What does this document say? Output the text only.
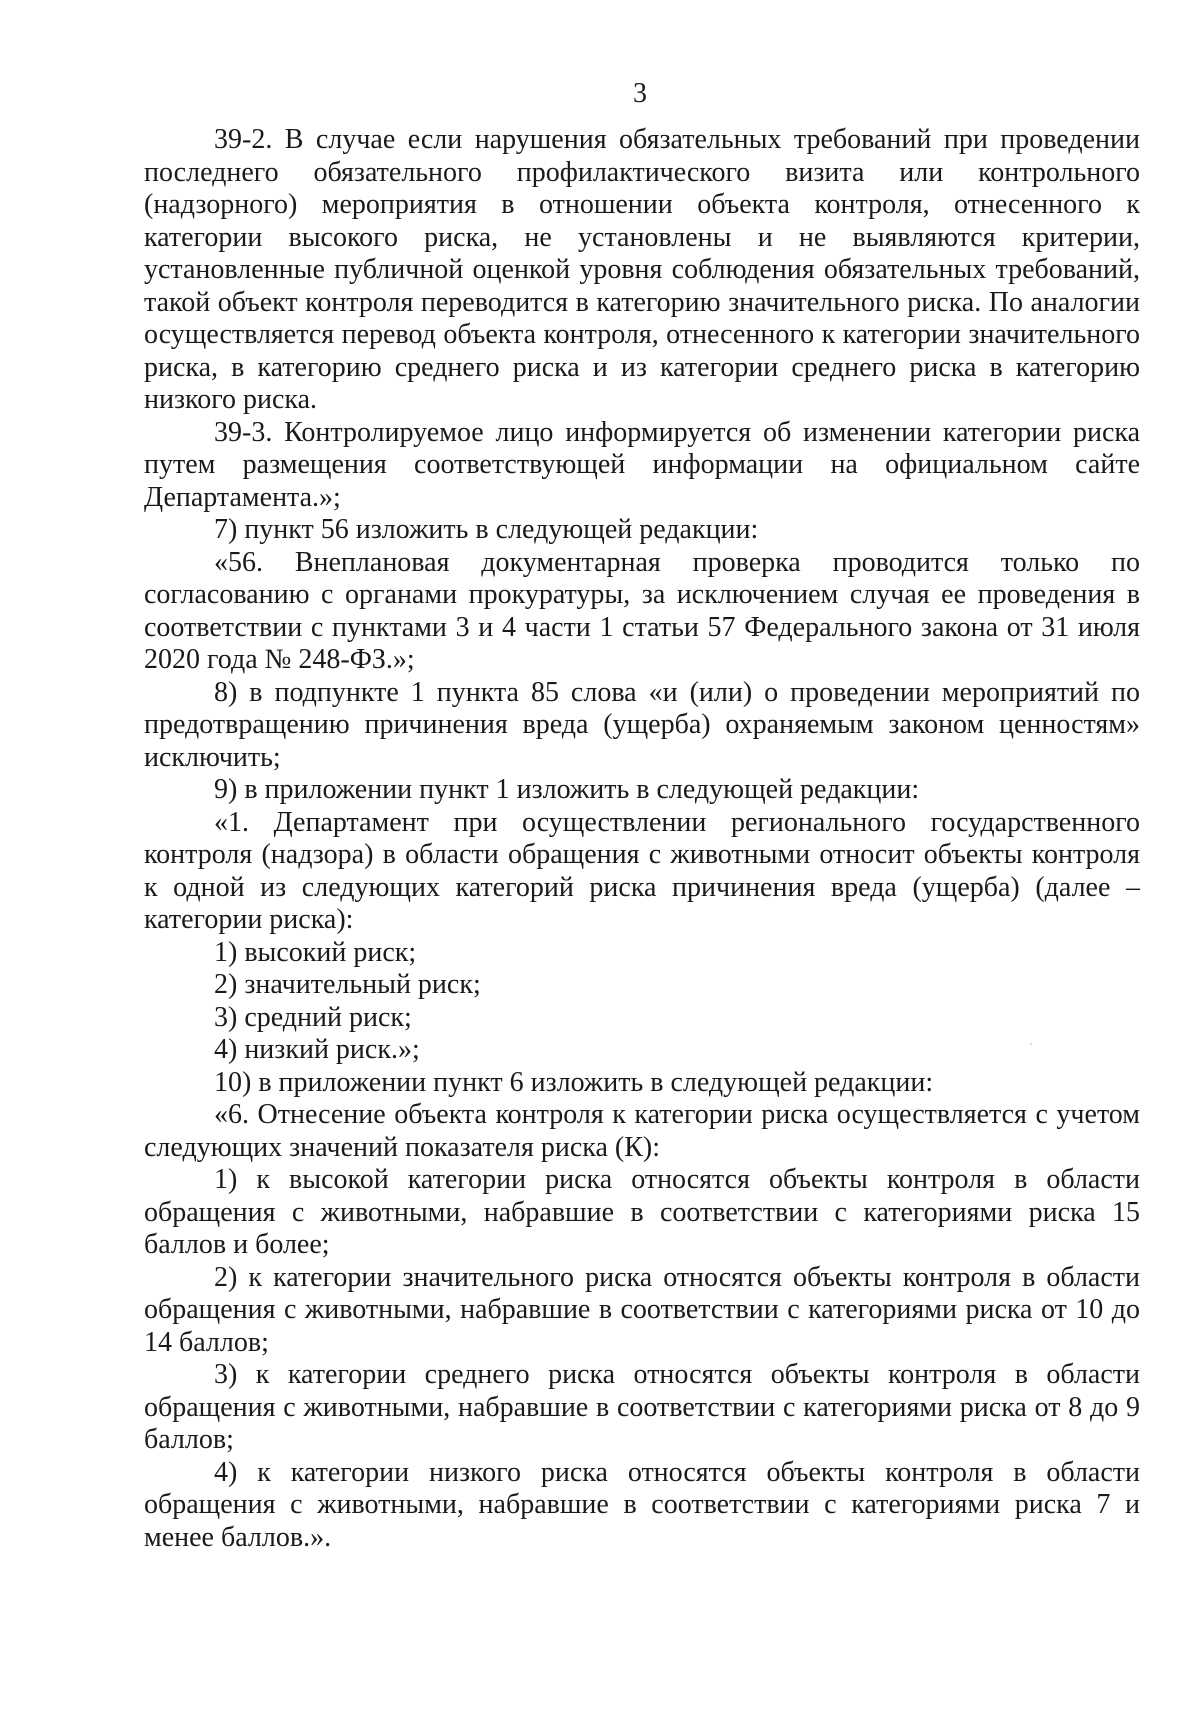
3

39-2. В случае если нарушения обязательных требований при проведении последнего обязательного профилактического визита или контрольного (надзорного) мероприятия в отношении объекта контроля, отнесенного к категории высокого риска, не установлены и не выявляются критерии, установленные публичной оценкой уровня соблюдения обязательных требований, такой объект контроля переводится в категорию значительного риска. По аналогии осуществляется перевод объекта контроля, отнесенного к категории значительного риска, в категорию среднего риска и из категории среднего риска в категорию низкого риска.

39-3. Контролируемое лицо информируется об изменении категории риска путем размещения соответствующей информации на официальном сайте Департамента.»;

7) пункт 56 изложить в следующей редакции:

«56. Внеплановая документарная проверка проводится только по согласованию с органами прокуратуры, за исключением случая ее проведения в соответствии с пунктами 3 и 4 части 1 статьи 57 Федерального закона от 31 июля 2020 года № 248-ФЗ.»;

8) в подпункте 1 пункта 85 слова «и (или) о проведении мероприятий по предотвращению причинения вреда (ущерба) охраняемым законом ценностям» исключить;

9) в приложении пункт 1 изложить в следующей редакции:

«1. Департамент при осуществлении регионального государственного контроля (надзора) в области обращения с животными относит объекты контроля к одной из следующих категорий риска причинения вреда (ущерба) (далее – категории риска):

1) высокий риск;

2) значительный риск;

3) средний риск;

4) низкий риск.»;

10) в приложении пункт 6 изложить в следующей редакции:

«6. Отнесение объекта контроля к категории риска осуществляется с учетом следующих значений показателя риска (К):

1) к высокой категории риска относятся объекты контроля в области обращения с животными, набравшие в соответствии с категориями риска 15 баллов и более;

2) к категории значительного риска относятся объекты контроля в области обращения с животными, набравшие в соответствии с категориями риска от 10 до 14 баллов;

3) к категории среднего риска относятся объекты контроля в области обращения с животными, набравшие в соответствии с категориями риска от 8 до 9 баллов;

4) к категории низкого риска относятся объекты контроля в области обращения с животными, набравшие в соответствии с категориями риска 7 и менее баллов.».
